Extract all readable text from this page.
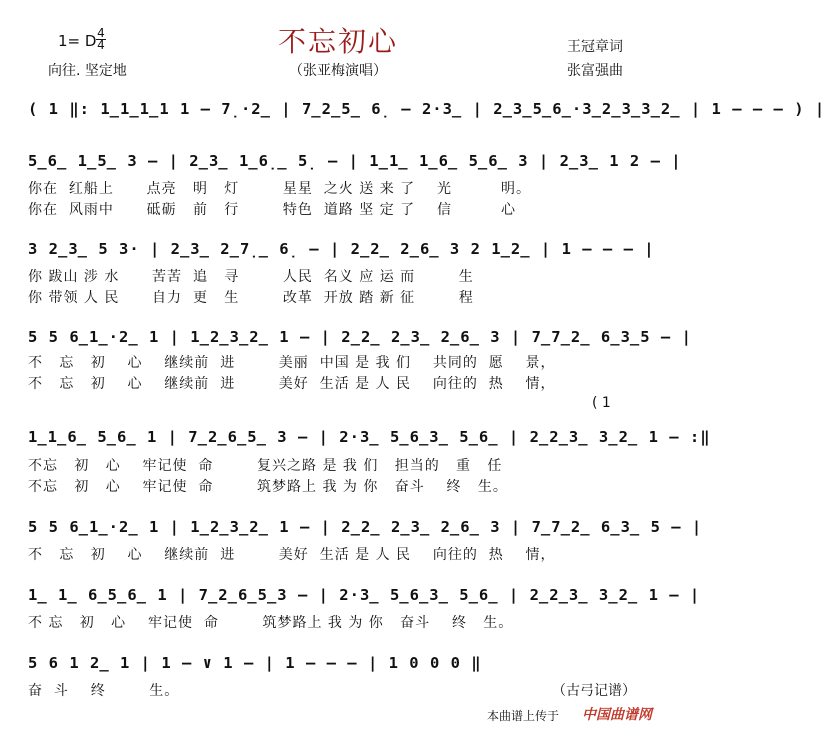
不忘初心
1= D 4
4
向往. 坚定地	（张亚梅演唱）
王冠章词
张富强曲
( 1 ‖: 1̲1̲1̲1 1 – 7̣·2̲ | 7̲2̲5̲ 6̣ – 2·3̲ | 2̲3̲5̲6̲·3̲2̲3̲3̲2̲ | 1 – – – ) |
5̲6̲ 1̲5̲ 3 – | 2̲3̲ 1̲6̣̲ 5̣ – | 1̲1̲ 1̲6̲ 5̲6̲ 3 | 2̲3̲ 1 2 – |
你在  红船上      点亮   明   灯        星星  之火 送 来 了    光         明。
你在  风雨中      砥砺   前   行        特色  道路 坚 定 了    信         心
3 2̲3̲ 5 3· | 2̲3̲ 2̲7̣̲ 6̣ – | 2̲2̲ 2̲6̲ 3 2 1̲2̲ | 1 – – – |
你 跋山 涉 水      苦苦  追   寻        人民  名义 应 运 而        生
你 带领 人 民      自力  更   生        改革  开放 踏 新 征        程
5 5 6̲1̲·2̲ 1 | 1̲2̲3̲2̲ 1 – | 2̲2̲ 2̲3̲ 2̲6̲ 3 | 7̲7̲2̲ 6̲3̲5 – |
不   忘   初    心    继续前  进        美丽  中国 是 我 们    共同的  愿    景，
不   忘   初    心    继续前  进        美好  生活 是 人 民    向往的  热    情，
( 1
1̲1̲6̲ 5̲6̲ 1 | 7̲2̲6̲5̲ 3 – | 2·3̲ 5̲6̲3̲ 5̲6̲ | 2̲2̲3̲ 3̲2̲ 1 – :‖
不忘   初   心    牢记使  命        复兴之路 是 我 们   担当的   重   任
不忘   初   心    牢记使  命        筑梦路上 我 为 你   奋斗    终   生。
5 5 6̲1̲·2̲ 1 | 1̲2̲3̲2̲ 1 – | 2̲2̲ 2̲3̲ 2̲6̲ 3 | 7̲7̲2̲ 6̲3̲ 5 – |
不   忘   初    心    继续前  进        美好  生活 是 人 民    向往的  热    情，
1̲ 1̲ 6̲5̲6̲ 1 | 7̲2̲6̲5̲3 – | 2·3̲ 5̲6̲3̲ 5̲6̲ | 2̲2̲3̲ 3̲2̲ 1 – |
不 忘   初   心    牢记使  命        筑梦路上 我 为 你   奋斗    终   生。
5 6 1 2̲ 1 | 1 – ∨ 1 – | 1 – – – | 1 0 0 0 ‖
奋  斗    终        生。	（古弓记谱）
本曲谱上传于 中国曲谱网
